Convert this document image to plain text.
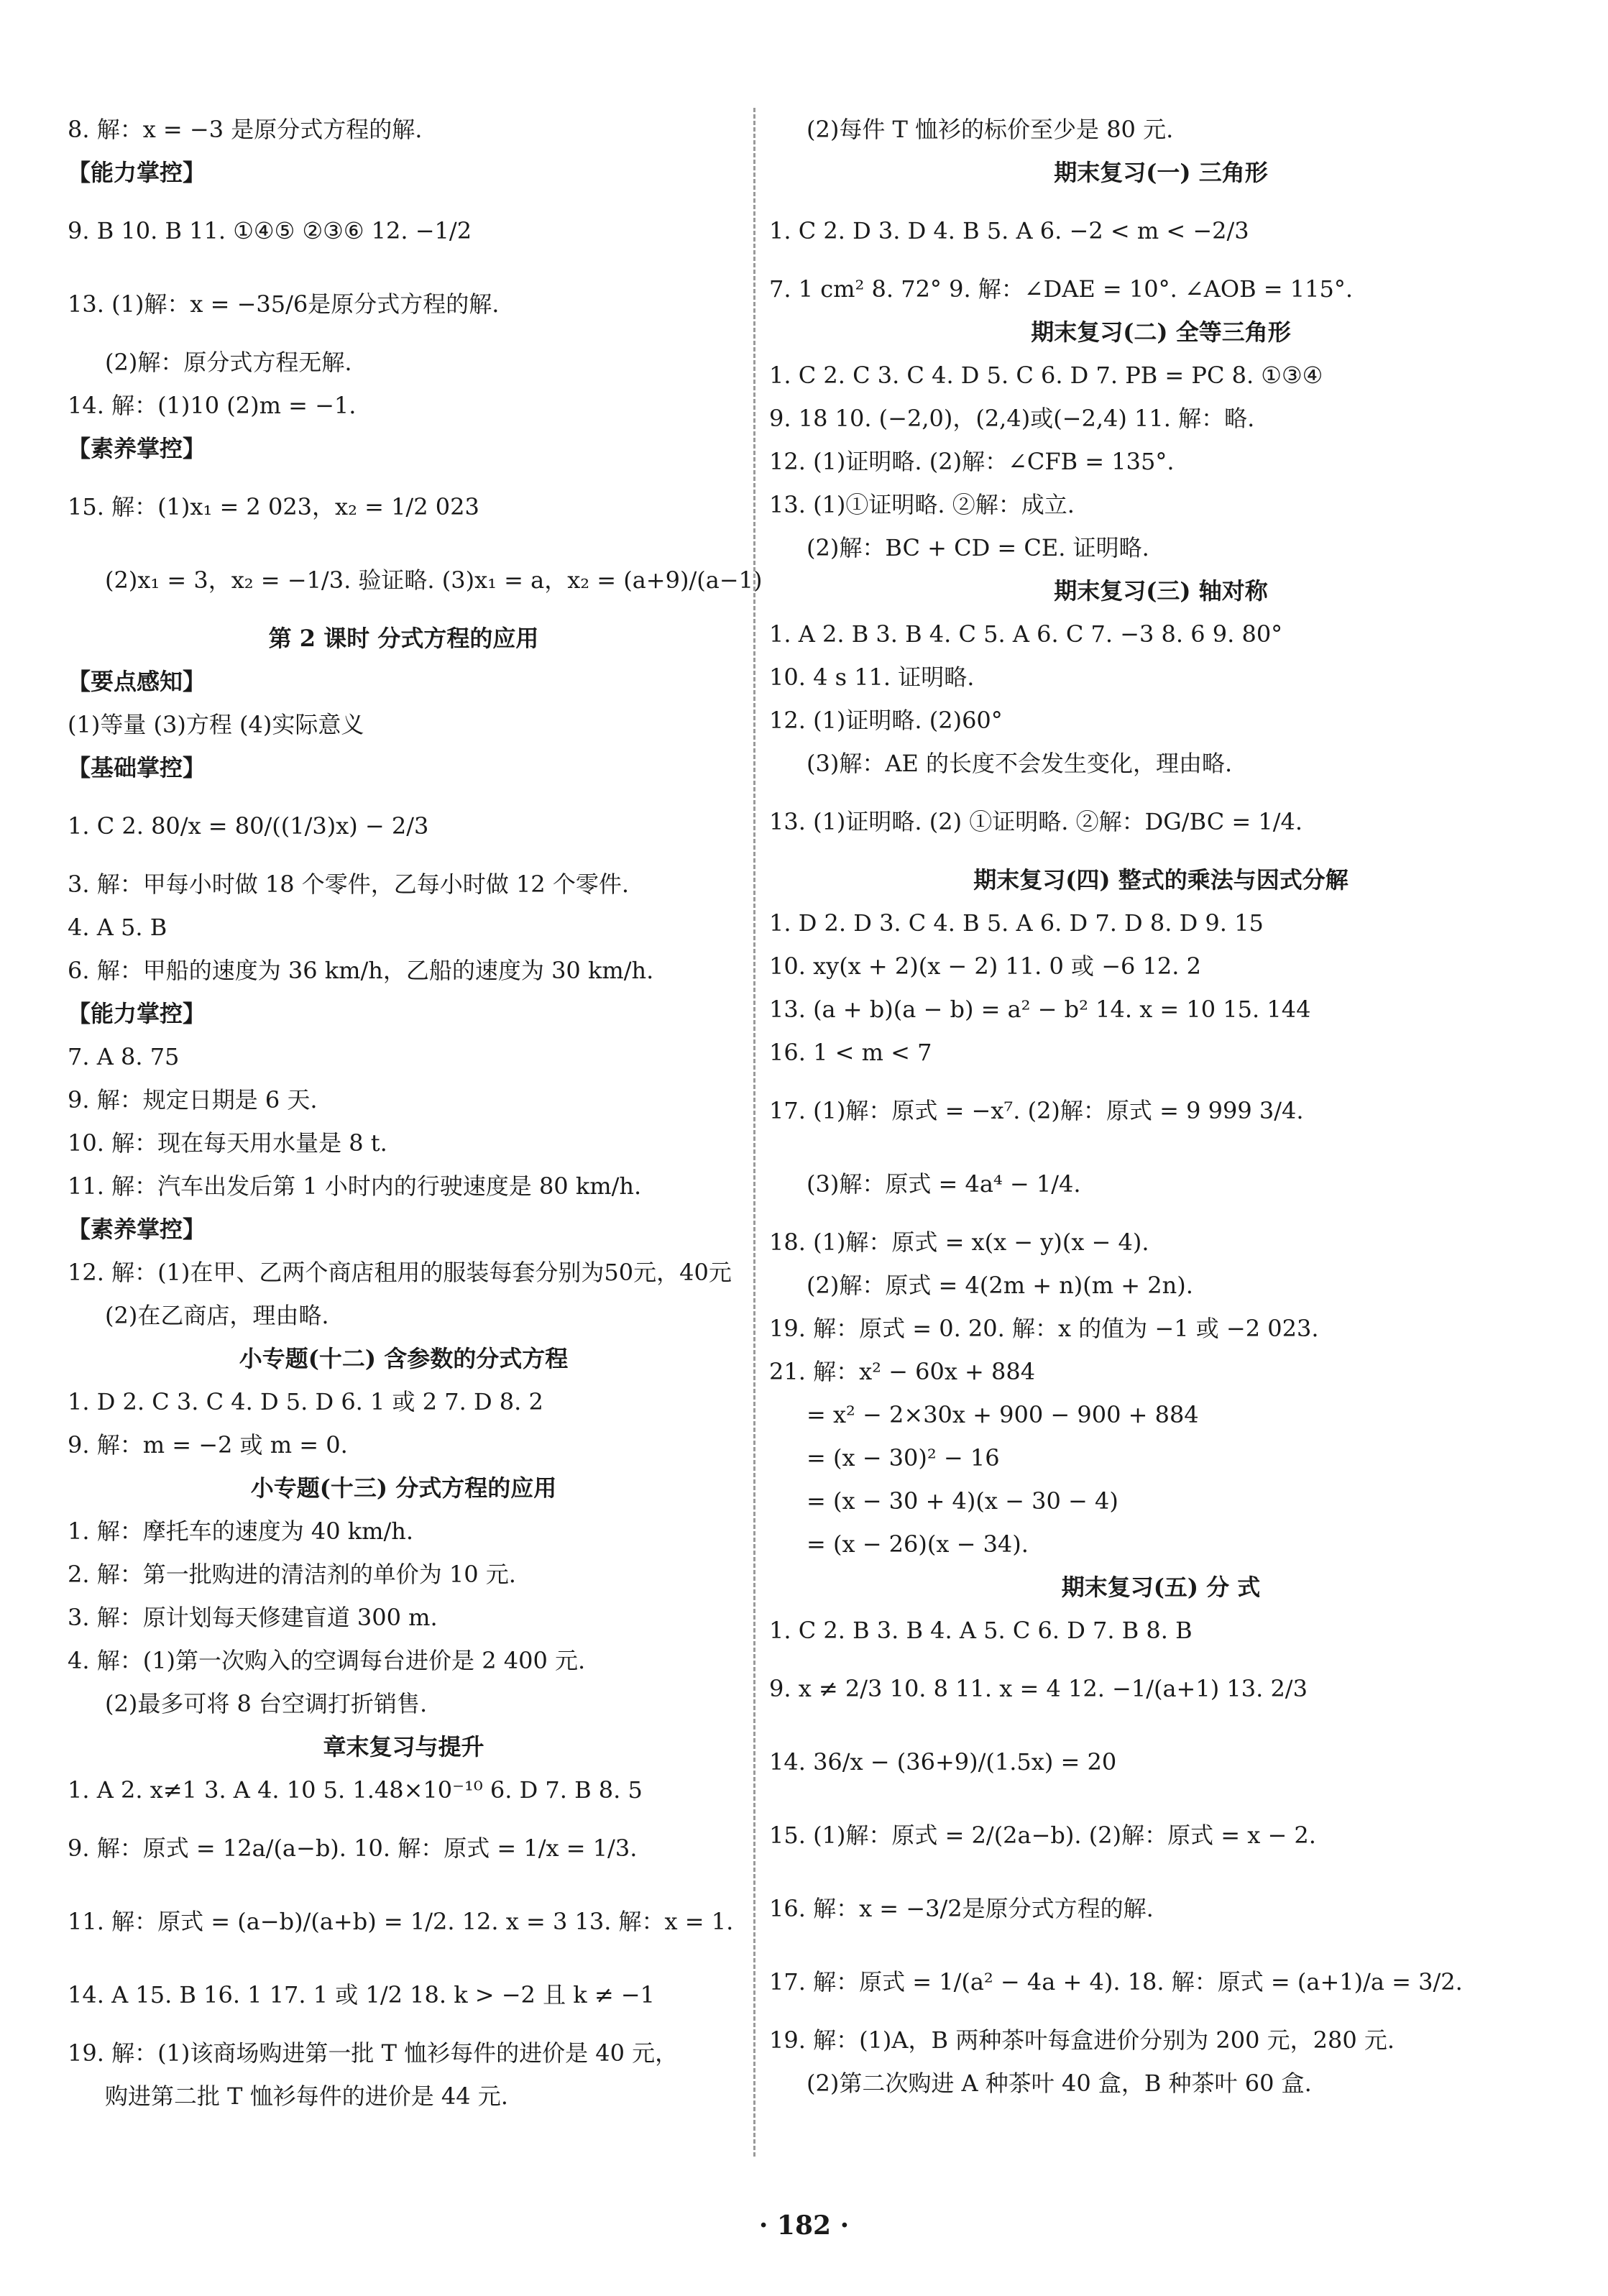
8. 解：x = −3 是原分式方程的解.
【能力掌控】
9. B 10. B 11. ①④⑤ ②③⑥ 12. −1/2
13. (1)解：x = −35/6是原分式方程的解.
(2)解：原分式方程无解.
14. 解：(1)10 (2)m = −1.
【素养掌控】
15. 解：(1)x₁ = 2 023，x₂ = 1/2 023
(2)x₁ = 3，x₂ = −1/3. 验证略. (3)x₁ = a，x₂ = (a+9)/(a−1)
第 2 课时 分式方程的应用
【要点感知】
(1)等量 (3)方程 (4)实际意义
【基础掌控】
1. C 2. 80/x = 80/((1/3)x) − 2/3
3. 解：甲每小时做 18 个零件，乙每小时做 12 个零件.
4. A 5. B
6. 解：甲船的速度为 36 km/h，乙船的速度为 30 km/h.
【能力掌控】
7. A 8. 75
9. 解：规定日期是 6 天.
10. 解：现在每天用水量是 8 t.
11. 解：汽车出发后第 1 小时内的行驶速度是 80 km/h.
【素养掌控】
12. 解：(1)在甲、乙两个商店租用的服装每套分别为50元，40元
(2)在乙商店，理由略.
小专题(十二) 含参数的分式方程
1. D 2. C 3. C 4. D 5. D 6. 1 或 2 7. D 8. 2
9. 解：m = −2 或 m = 0.
小专题(十三) 分式方程的应用
1. 解：摩托车的速度为 40 km/h.
2. 解：第一批购进的清洁剂的单价为 10 元.
3. 解：原计划每天修建盲道 300 m.
4. 解：(1)第一次购入的空调每台进价是 2 400 元.
(2)最多可将 8 台空调打折销售.
章末复习与提升
1. A 2. x≠1 3. A 4. 10 5. 1.48×10⁻¹⁰ 6. D 7. B 8. 5
9. 解：原式 = 12a/(a−b). 10. 解：原式 = 1/x = 1/3.
11. 解：原式 = (a−b)/(a+b) = 1/2. 12. x = 3 13. 解：x = 1.
14. A 15. B 16. 1 17. 1 或 1/2 18. k > −2 且 k ≠ −1
19. 解：(1)该商场购进第一批 T 恤衫每件的进价是 40 元，
购进第二批 T 恤衫每件的进价是 44 元.
(2)每件 T 恤衫的标价至少是 80 元.
期末复习(一) 三角形
1. C 2. D 3. D 4. B 5. A 6. −2 < m < −2/3
7. 1 cm² 8. 72° 9. 解：∠DAE = 10°. ∠AOB = 115°.
期末复习(二) 全等三角形
1. C 2. C 3. C 4. D 5. C 6. D 7. PB = PC 8. ①③④
9. 18 10. (−2,0)，(2,4)或(−2,4) 11. 解：略.
12. (1)证明略. (2)解：∠CFB = 135°.
13. (1)①证明略. ②解：成立.
(2)解：BC + CD = CE. 证明略.
期末复习(三) 轴对称
1. A 2. B 3. B 4. C 5. A 6. C 7. −3 8. 6 9. 80°
10. 4 s 11. 证明略.
12. (1)证明略. (2)60°
(3)解：AE 的长度不会发生变化，理由略.
13. (1)证明略. (2) ①证明略. ②解：DG/BC = 1/4.
期末复习(四) 整式的乘法与因式分解
1. D 2. D 3. C 4. B 5. A 6. D 7. D 8. D 9. 15
10. xy(x + 2)(x − 2) 11. 0 或 −6 12. 2
13. (a + b)(a − b) = a² − b² 14. x = 10 15. 144
16. 1 < m < 7
17. (1)解：原式 = −x⁷. (2)解：原式 = 9 999 3/4.
(3)解：原式 = 4a⁴ − 1/4.
18. (1)解：原式 = x(x − y)(x − 4).
(2)解：原式 = 4(2m + n)(m + 2n).
19. 解：原式 = 0. 20. 解：x 的值为 −1 或 −2 023.
21. 解：x² − 60x + 884
= x² − 2×30x + 900 − 900 + 884
= (x − 30)² − 16
= (x − 30 + 4)(x − 30 − 4)
= (x − 26)(x − 34).
期末复习(五) 分 式
1. C 2. B 3. B 4. A 5. C 6. D 7. B 8. B
9. x ≠ 2/3 10. 8 11. x = 4 12. −1/(a+1) 13. 2/3
14. 36/x − (36+9)/(1.5x) = 20
15. (1)解：原式 = 2/(2a−b). (2)解：原式 = x − 2.
16. 解：x = −3/2是原分式方程的解.
17. 解：原式 = 1/(a² − 4a + 4). 18. 解：原式 = (a+1)/a = 3/2.
19. 解：(1)A，B 两种茶叶每盒进价分别为 200 元，280 元.
(2)第二次购进 A 种茶叶 40 盒，B 种茶叶 60 盒.
· 182 ·
